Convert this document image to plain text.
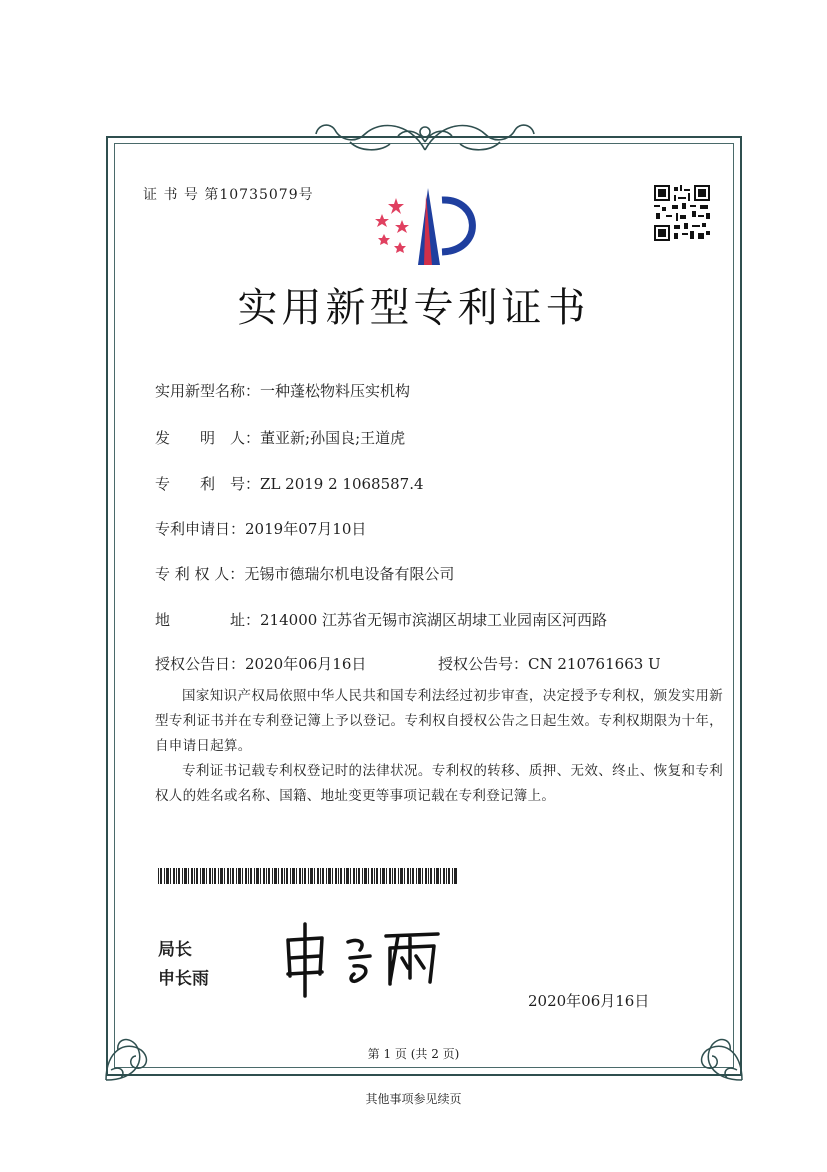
证 书 号 第10735079号
实用新型专利证书
实用新型名称：一种蓬松物料压实机构
发　　明　人：董亚新;孙国良;王道虎
专　　利　号：ZL 2019 2 1068587.4
专利申请日：2019年07月10日
专 利 权 人：无锡市德瑞尔机电设备有限公司
地　　　　址：214000 江苏省无锡市滨湖区胡埭工业园南区河西路
授权公告日：2020年06月16日	授权公告号：CN 210761663 U
国家知识产权局依照中华人民共和国专利法经过初步审查，决定授予专利权，颁发实用新型专利证书并在专利登记簿上予以登记。专利权自授权公告之日起生效。专利权期限为十年，自申请日起算。
专利证书记载专利权登记时的法律状况。专利权的转移、质押、无效、终止、恢复和专利权人的姓名或名称、国籍、地址变更等事项记载在专利登记簿上。
局长
申长雨
2020年06月16日
第 1 页 (共 2 页)
其他事项参见续页
